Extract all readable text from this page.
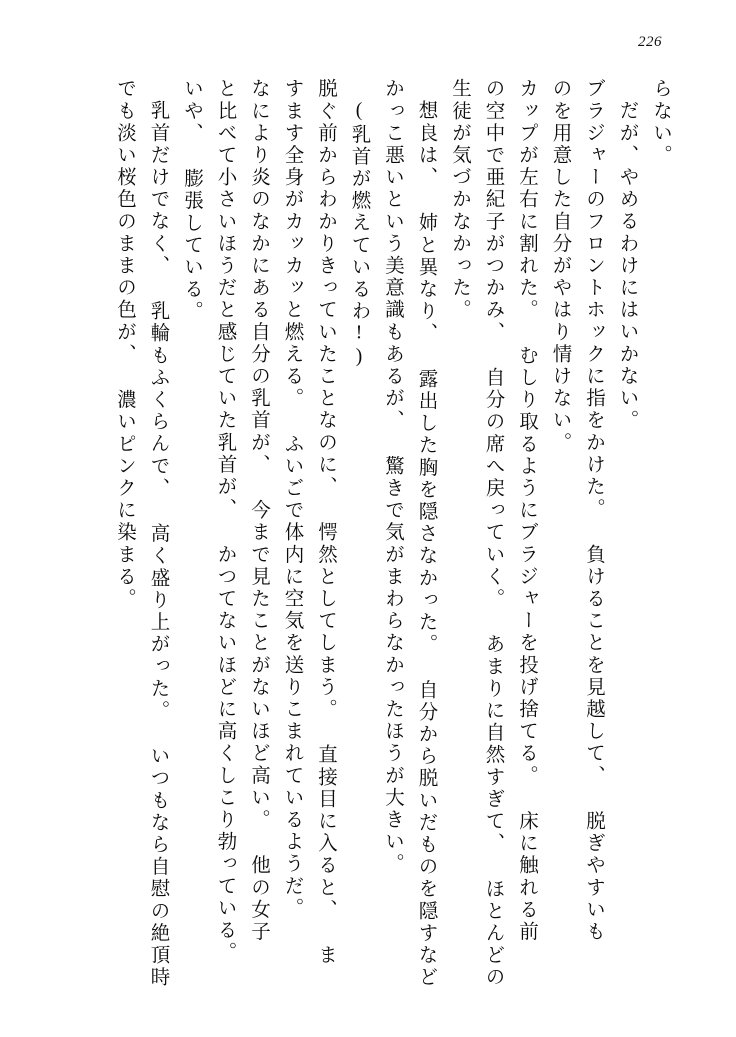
226
らない。
だが、やめるわけにはいかない。
ブラジャーのフロントホックに指をかけた。 負けることを見越して、 脱ぎやすいも
のを用意した自分がやはり情けない。
カップが左右に割れた。 むしり取るようにブラジャーを投げ捨てる。 床に触れる前
の空中で亜紀子がつかみ、 自分の席へ戻っていく。 あまりに自然すぎて、 ほとんどの
生徒が気づかなかった。
想良は、 姉と異なり、 露出した胸を隠さなかった。 自分から脱いだものを隠すなど
かっこ悪いという美意識もあるが、 驚きで気がまわらなかったほうが大きい。
(乳首が燃えているわ!)
脱ぐ前からわかりきっていたことなのに、 愕然としてしまう。 直接目に入ると、 ま
すます全身がカッカッと燃える。 ふいごで体内に空気を送りこまれているようだ。
なにより炎のなかにある自分の乳首が、 今まで見たことがないほど高い。 他の女子
と比べて小さいほうだと感じていた乳首が、 かつてないほどに高くしこり勃っている。
いや、 膨張している。
乳首だけでなく、 乳輪もふくらんで、 高く盛り上がった。 いつもなら自慰の絶頂時
でも淡い桜色のままの色が、 濃いピンクに染まる。
